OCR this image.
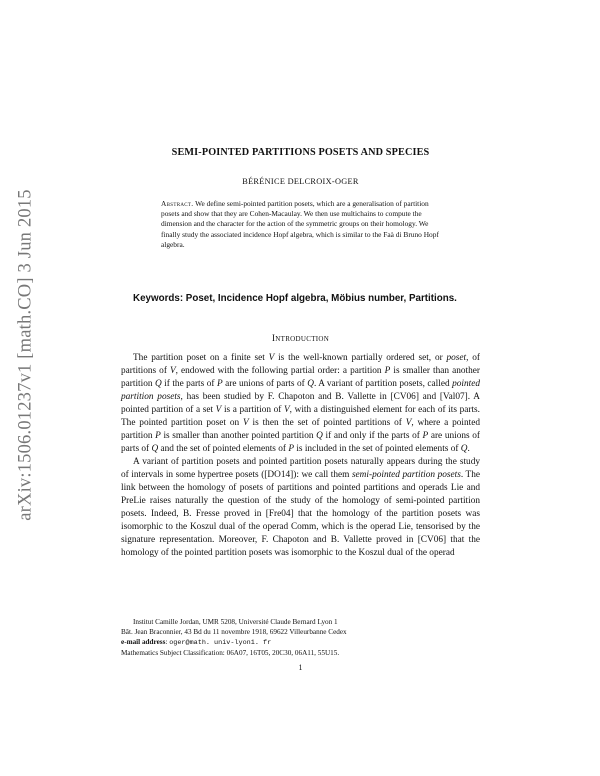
arXiv:1506.01237v1 [math.CO] 3 Jun 2015
SEMI-POINTED PARTITIONS POSETS AND SPECIES
BÉRÉNICE DELCROIX-OGER
Abstract. We define semi-pointed partition posets, which are a generalisation of partition posets and show that they are Cohen-Macaulay. We then use multichains to compute the dimension and the character for the action of the symmetric groups on their homology. We finally study the associated incidence Hopf algebra, which is similar to the Faà di Bruno Hopf algebra.
Keywords: Poset, Incidence Hopf algebra, Möbius number, Partitions.
Introduction

The partition poset on a finite set V is the well-known partially ordered set, or poset, of partitions of V, endowed with the following partial order: a partition P is smaller than another partition Q if the parts of P are unions of parts of Q. A variant of partition posets, called pointed partition posets, has been studied by F. Chapoton and B. Vallette in [CV06] and [Val07]. A pointed partition of a set V is a partition of V, with a distinguished element for each of its parts. The pointed partition poset on V is then the set of pointed partitions of V, where a pointed partition P is smaller than another pointed partition Q if and only if the parts of P are unions of parts of Q and the set of pointed elements of P is included in the set of pointed elements of Q.

A variant of partition posets and pointed partition posets naturally appears during the study of intervals in some hypertree posets ([DO14]): we call them semi-pointed partition posets. The link between the homology of posets of partitions and pointed partitions and operads Lie and PreLie raises naturally the question of the study of the homology of semi-pointed partition posets. Indeed, B. Fresse proved in [Fre04] that the homology of the partition posets was isomorphic to the Koszul dual of the operad Comm, which is the operad Lie, tensorised by the signature representation. Moreover, F. Chapoton and B. Vallette proved in [CV06] that the homology of the pointed partition posets was isomorphic to the Koszul dual of the operad

Institut Camille Jordan, UMR 5208, Université Claude Bernard Lyon 1
Bât. Jean Braconnier, 43 Bd du 11 novembre 1918, 69622 Villeurbanne Cedex
e-mail address: oger@math. univ-lyon1. fr
Mathematics Subject Classification: 06A07, 16T05, 20C30, 06A11, 55U15.
1
